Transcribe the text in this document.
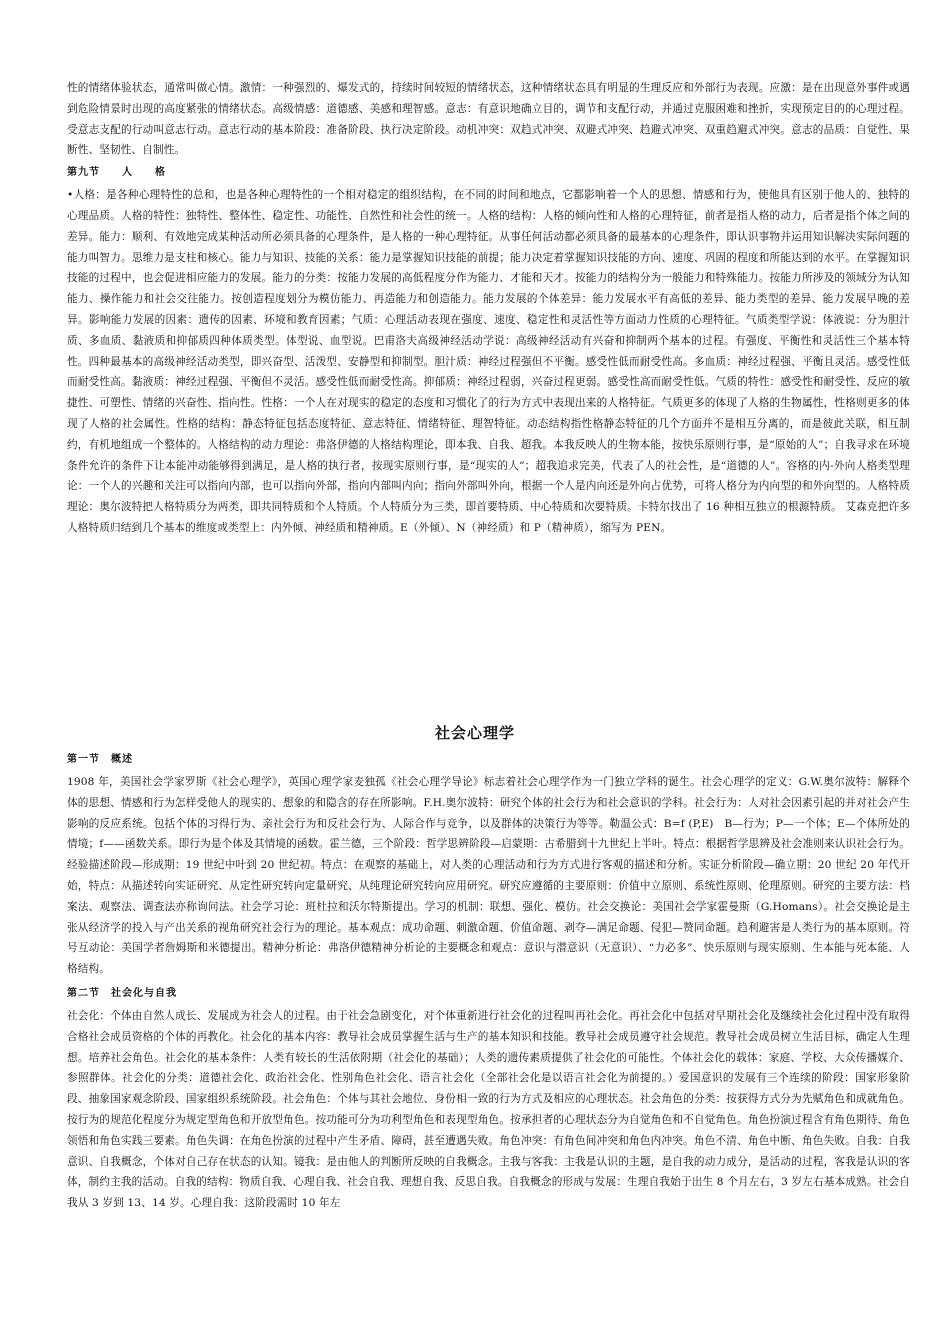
性的情绪体验状态，通常叫做心情。激情：一种强烈的、爆发式的，持续时间较短的情绪状态，这种情绪状态具有明显的生理反应和外部行为表现。应激：是在出现意外事件或遇到危险情景时出现的高度紧张的情绪状态。高级情感：道德感、美感和理智感。意志：有意识地确立目的，调节和支配行动，并通过克服困难和挫折，实现预定目的的心理过程。受意志支配的行动叫意志行动。意志行动的基本阶段：准备阶段、执行决定阶段。动机冲突：双趋式冲突、双避式冲突、趋避式冲突、双重趋避式冲突。意志的品质：自觉性、果断性、坚韧性、自制性。

第九节　　人　　格

•人格：是各种心理特性的总和，也是各种心理特性的一个相对稳定的组织结构，在不同的时间和地点，它都影响着一个人的思想、情感和行为，使他具有区别于他人的、独特的心理品质。人格的特性：独特性、整体性、稳定性、功能性、自然性和社会性的统一。人格的结构：人格的倾向性和人格的心理特征，前者是指人格的动力，后者是指个体之间的差异。能力：顺利、有效地完成某种活动所必须具备的心理条件，是人格的一种心理特征。从事任何活动都必须具备的最基本的心理条件，即认识事物并运用知识解决实际问题的能力叫智力。思维力是支柱和核心。能力与知识、技能的关系：能力是掌握知识技能的前提；能力决定着掌握知识技能的方向、速度、巩固的程度和所能达到的水平。在掌握知识技能的过程中，也会促进相应能力的发展。能力的分类：按能力发展的高低程度分作为能力、才能和天才。按能力的结构分为一般能力和特殊能力。按能力所涉及的领域分为认知能力、操作能力和社会交往能力。按创造程度划分为模仿能力、再造能力和创造能力。能力发展的个体差异：能力发展水平有高低的差异、能力类型的差异、能力发展早晚的差异。影响能力发展的因素：遗传的因素、环境和教育因素；气质：心理活动表现在强度、速度、稳定性和灵活性等方面动力性质的心理特征。气质类型学说：体液说：分为胆汁质、多血质、黏液质和抑郁质四种体质类型。体型说、血型说。巴甫洛夫高级神经活动学说：高级神经活动有兴奋和抑制两个基本的过程。有强度、平衡性和灵活性三个基本特性。四种最基本的高级神经活动类型，即兴奋型、活泼型、安静型和抑制型。胆汁质：神经过程强但不平衡。感受性低而耐受性高。多血质：神经过程强、平衡且灵活。感受性低而耐受性高。黏液质：神经过程强、平衡但不灵活。感受性低而耐受性高。抑郁质：神经过程弱，兴奋过程更弱。感受性高而耐受性低。气质的特性：感受性和耐受性、反应的敏捷性、可塑性、情绪的兴奋性、指向性。性格：一个人在对现实的稳定的态度和习惯化了的行为方式中表现出来的人格特征。气质更多的体现了人格的生物属性，性格则更多的体现了人格的社会属性。性格的结构：静态特征包括态度特征、意志特征、情绪特征、理智特征。动态结构指性格静态特征的几个方面并不是相互分离的，而是彼此关联，相互制约，有机地组成一个整体的。人格结构的动力理论：弗洛伊德的人格结构理论，即本我、自我、超我。本我反映人的生物本能，按快乐原则行事，是“原始的人”；自我寻求在环境条件允许的条件下让本能冲动能够得到满足，是人格的执行者，按现实原则行事，是“现实的人”；超我追求完美，代表了人的社会性，是“道德的人”。容格的内-外向人格类型理论：一个人的兴趣和关注可以指向内部，也可以指向外部，指向内部叫内向；指向外部叫外向，根据一个人是内向还是外向占优势，可将人格分为内向型的和外向型的。人格特质理论：奥尔波特把人格特质分为两类，即共同特质和个人特质。个人特质分为三类，即首要特质、中心特质和次要特质。卡特尔找出了 16 种相互独立的根源特质。 艾森克把许多人格特质归结到几个基本的维度或类型上：内外倾、神经质和精神质。E（外倾）、N（神经质）和 P（精神质），缩写为 PEN。

社会心理学
第一节　概述

1908 年，美国社会学家罗斯《社会心理学》，英国心理学家麦独孤《社会心理学导论》标志着社会心理学作为一门独立学科的诞生。社会心理学的定义：G.W.奥尔波特：解释个体的思想、情感和行为怎样受他人的现实的、想象的和隐含的存在所影响。F.H.奥尔波特：研究个体的社会行为和社会意识的学科。社会行为：人对社会因素引起的并对社会产生影响的反应系统。包括个体的习得行为、亲社会行为和反社会行为、人际合作与竞争，以及群体的决策行为等等。勒温公式：B=f (P,E)　B—行为；P—一个体；E—个体所处的情境；f——函数关系。即行为是个体及其情境的函数。霍兰德，三个阶段：哲学思辨阶段—启蒙期：古希腊到十九世纪上半叶。特点：根据哲学思辨及社会准则来认识社会行为。经验描述阶段—形成期：19 世纪中叶到 20 世纪初。特点：在观察的基础上，对人类的心理活动和行为方式进行客观的描述和分析。实证分析阶段—确立期：20 世纪 20 年代开始，特点：从描述转向实证研究、从定性研究转向定量研究、从纯理论研究转向应用研究。研究应遵循的主要原则：价值中立原则、系统性原则、伦理原则。研究的主要方法：档案法、观察法、调查法亦称询问法。社会学习论：班杜拉和沃尔特斯提出。学习的机制：联想、强化、模仿。社会交换论：美国社会学家霍曼斯（G.Homans）。社会交换论是主张从经济学的投入与产出关系的视角研究社会行为的理论。基本观点：成功命题、刺激命题、价值命题、剥夺—满足命题、侵犯—赞同命题。趋利避害是人类行为的基本原则。符号互动论：美国学者詹姆斯和米德提出。精神分析论：弗洛伊德精神分析论的主要概念和观点：意识与潜意识（无意识）、“力必多”、快乐原则与现实原则、生本能与死本能、人格结构。

第二节　社会化与自我

社会化：个体由自然人成长、发展成为社会人的过程。由于社会急剧变化，对个体重新进行社会化的过程叫再社会化。再社会化中包括对早期社会化及继续社会化过程中没有取得合格社会成员资格的个体的再教化。社会化的基本内容：教导社会成员掌握生活与生产的基本知识和技能。教导社会成员遵守社会规范。教导社会成员树立生活目标，确定人生理想。培养社会角色。社会化的基本条件：人类有较长的生活依附期（社会化的基础）；人类的遗传素质提供了社会化的可能性。个体社会化的载体：家庭、学校、大众传播媒介、参照群体。社会化的分类：道德社会化、政治社会化、性别角色社会化、语言社会化（全部社会化是以语言社会化为前提的。）爱国意识的发展有三个连续的阶段：国家形象阶段、抽象国家观念阶段、国家组织系统阶段。社会角色：个体与其社会地位、身份相一致的行为方式及相应的心理状态。社会角色的分类：按获得方式分为先赋角色和成就角色。按行为的规范化程度分为规定型角色和开放型角色。按功能可分为功利型角色和表现型角色。按承担者的心理状态分为自觉角色和不自觉角色。角色扮演过程含有角色期待、角色领悟和角色实践三要素。角色失调：在角色扮演的过程中产生矛盾、障碍，甚至遭遇失败。角色冲突：有角色间冲突和角色内冲突。角色不清、角色中断、角色失败。自我：自我意识、自我概念，个体对自己存在状态的认知。镜我：是由他人的判断所反映的自我概念。主我与客我：主我是认识的主题，是自我的动力成分，是活动的过程，客我是认识的客体，制约主我的活动。自我的结构：物质自我、心理自我、社会自我、理想自我、反思自我。自我概念的形成与发展：生理自我始于出生 8 个月左右，3 岁左右基本成熟。社会自我从 3 岁到 13、14 岁。心理自我：这阶段需时 10 年左
